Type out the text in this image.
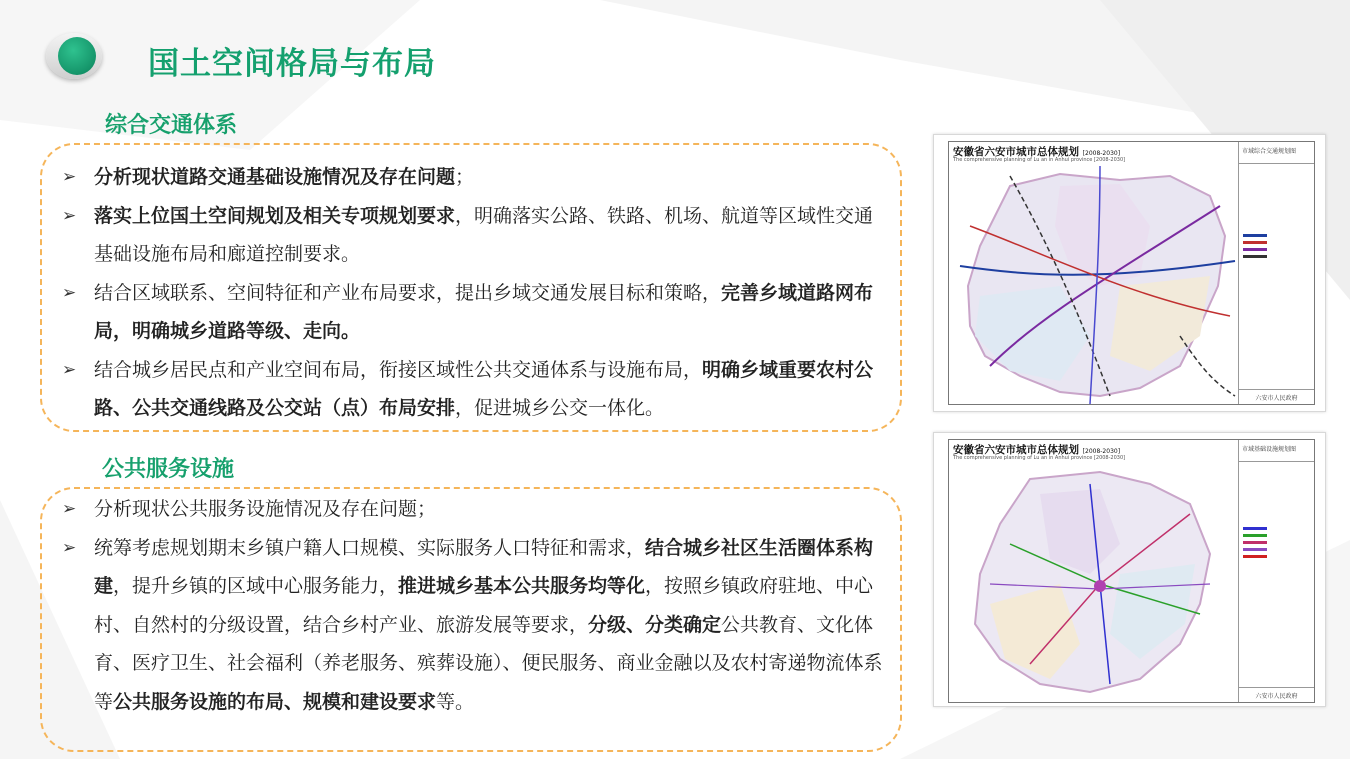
国土空间格局与布局
综合交通体系
➢ 分析现状道路交通基础设施情况及存在问题；
➢ 落实上位国土空间规划及相关专项规划要求，明确落实公路、铁路、机场、航道等区域性交通基础设施布局和廊道控制要求。
➢ 结合区域联系、空间特征和产业布局要求，提出乡域交通发展目标和策略，完善乡域道路网布局，明确城乡道路等级、走向。
➢ 结合城乡居民点和产业空间布局，衔接区域性公共交通体系与设施布局，明确乡域重要农村公路、公共交通线路及公交站（点）布局安排，促进城乡公交一体化。
公共服务设施
➢ 分析现状公共服务设施情况及存在问题；
➢ 统筹考虑规划期末乡镇户籍人口规模、实际服务人口特征和需求，结合城乡社区生活圈体系构建，提升乡镇的区域中心服务能力，推进城乡基本公共服务均等化，按照乡镇政府驻地、中心村、自然村的分级设置，结合乡村产业、旅游发展等要求，分级、分类确定公共教育、文化体育、医疗卫生、社会福利（养老服务、殡葬设施）、便民服务、商业金融以及农村寄递物流体系等公共服务设施的布局、规模和建设要求等。
安徽省六安市城市总体规划 [2008-2030]
The comprehensive planning of Lu an in Anhui province [2008-2030]
市域综合交通规划图
六安市人民政府
安徽省六安市城市总体规划 [2008-2030]
The comprehensive planning of Lu an in Anhui province [2008-2030]
市域基础设施规划图
六安市人民政府
